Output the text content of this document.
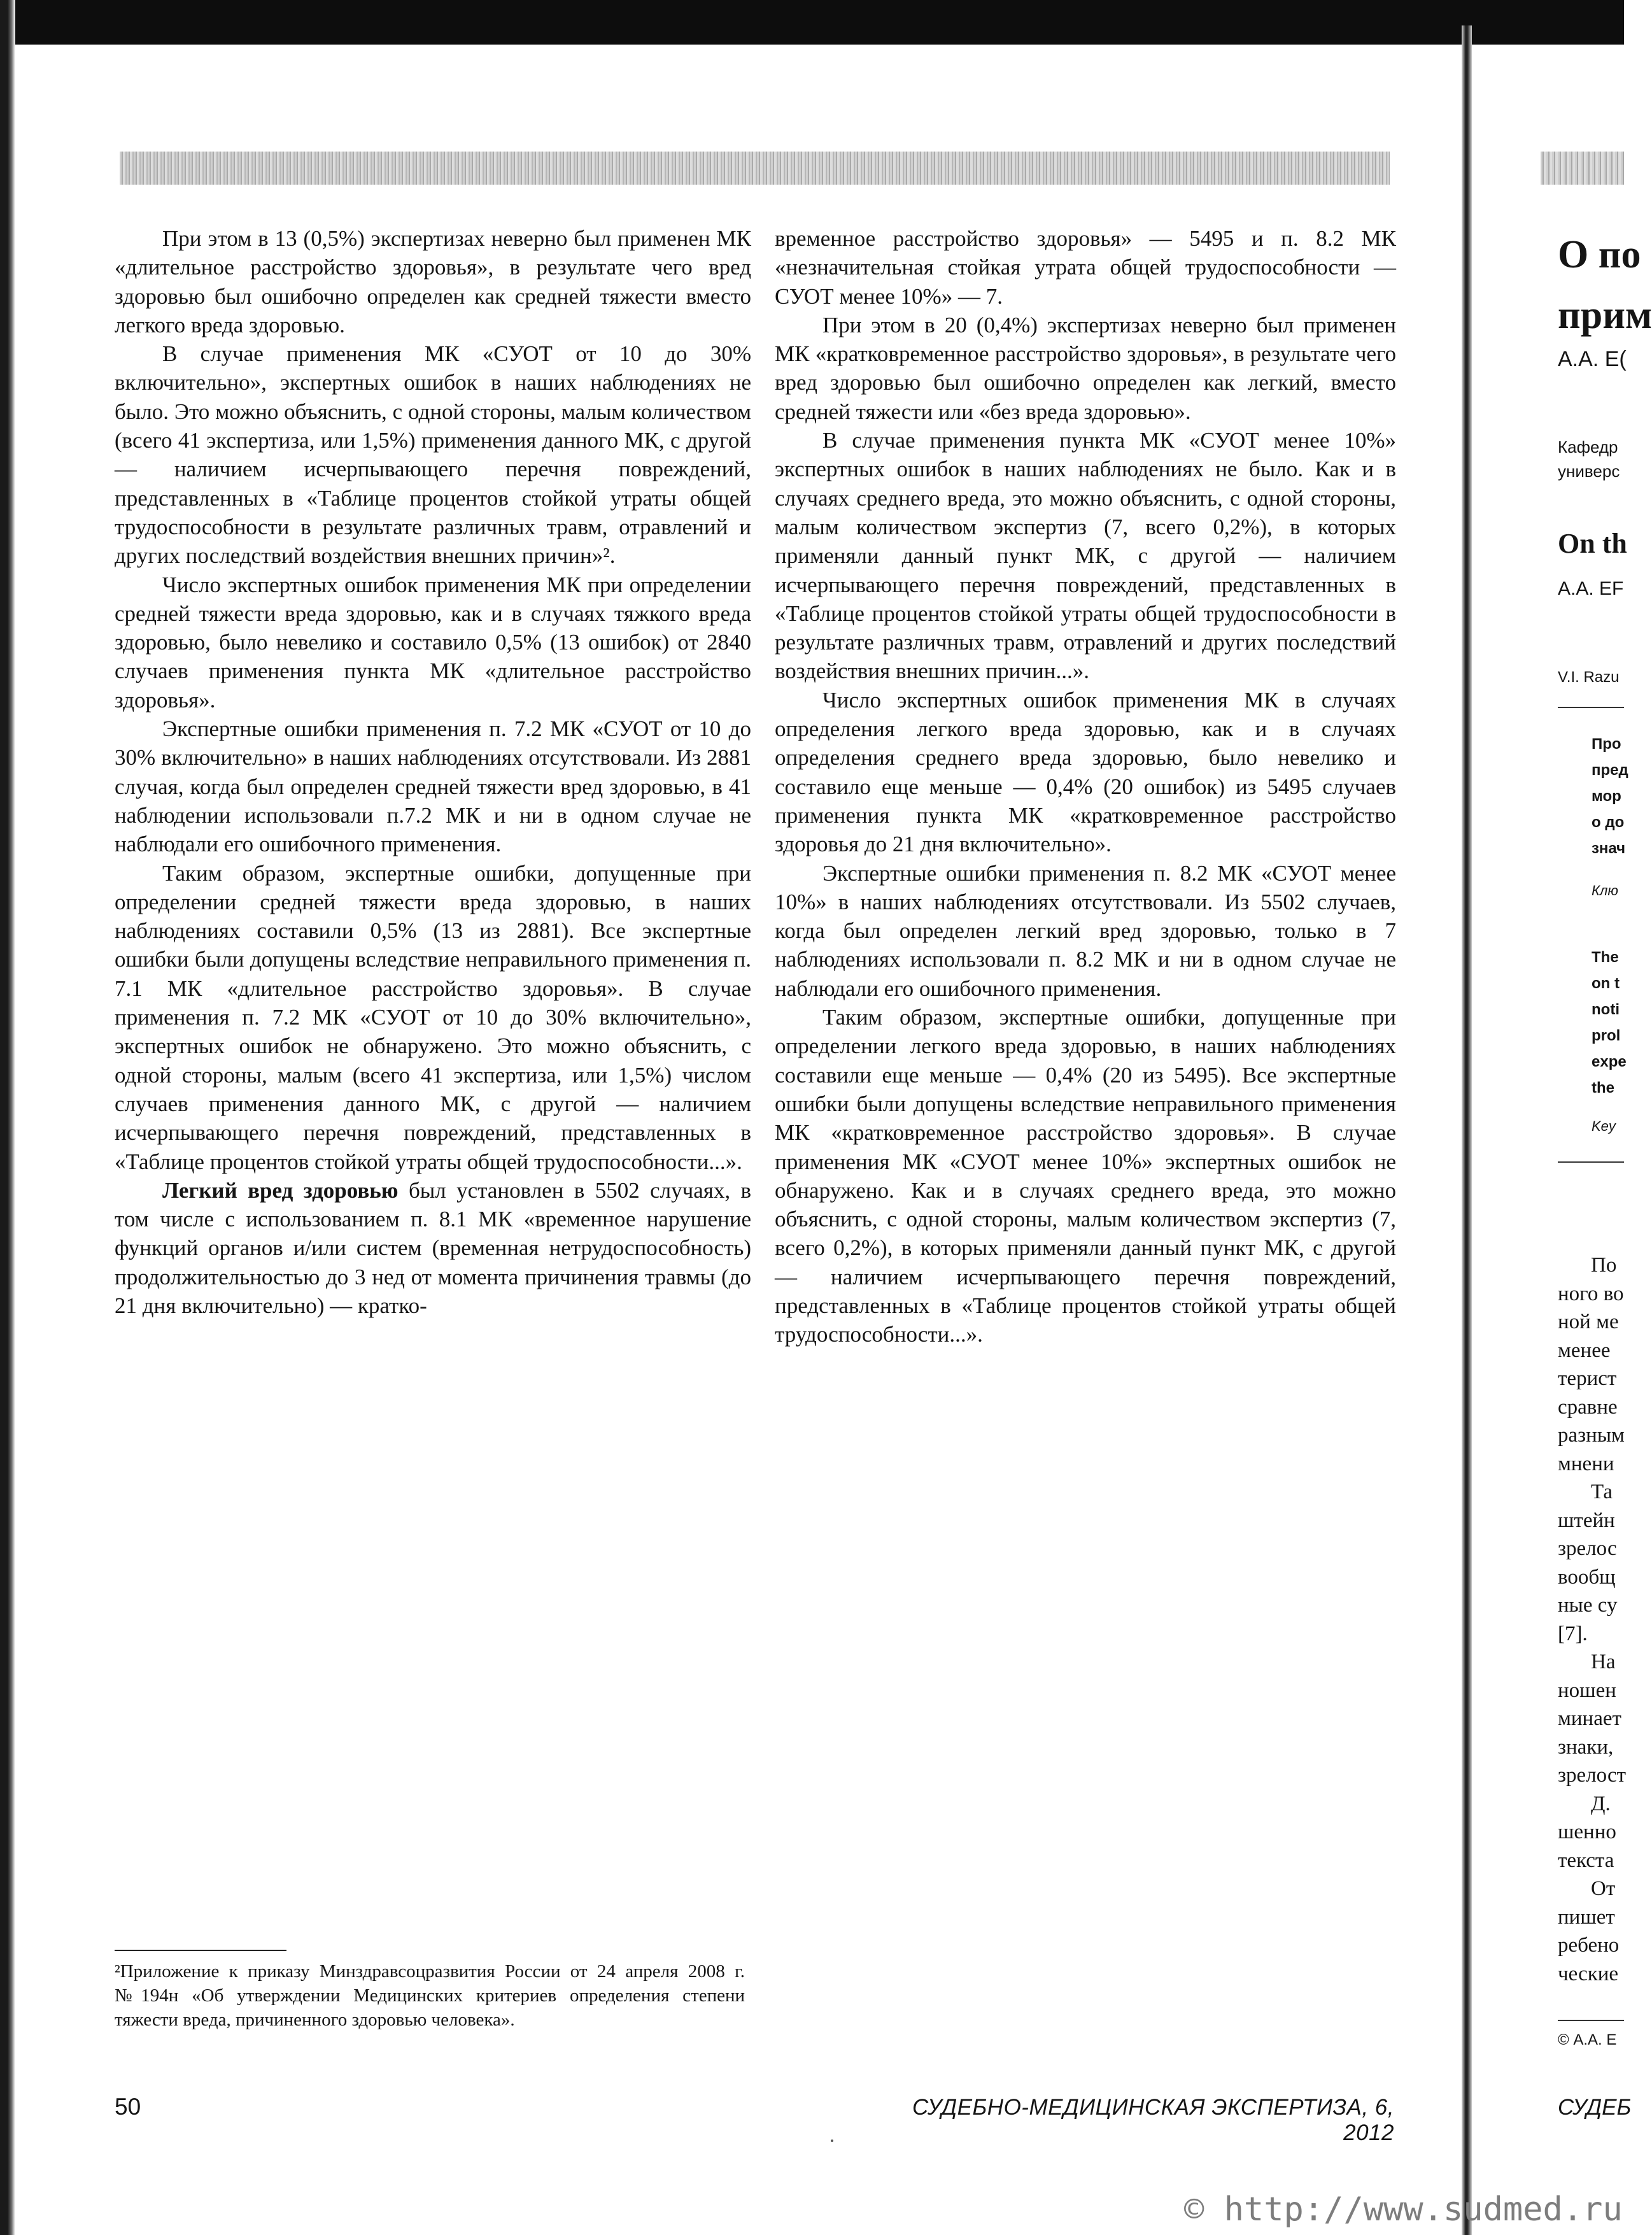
При этом в 13 (0,5%) экспертизах неверно был применен МК «длительное расстройство здоровья», в результате чего вред здоровью был ошибочно определен как средней тяжести вместо легкого вреда здоровью.

В случае применения МК «СУОТ от 10 до 30% включительно», экспертных ошибок в наших наблюдениях не было. Это можно объяснить, с одной стороны, малым количеством (всего 41 экспертиза, или 1,5%) применения данного МК, с другой — наличием исчерпывающего перечня повреждений, представленных в «Таблице процентов стойкой утраты общей трудоспособности в результате различных травм, отравлений и других последствий воздействия внешних причин»².

Число экспертных ошибок применения МК при определении средней тяжести вреда здоровью, как и в случаях тяжкого вреда здоровью, было невелико и составило 0,5% (13 ошибок) от 2840 случаев применения пункта МК «длительное расстройство здоровья».

Экспертные ошибки применения п. 7.2 МК «СУОТ от 10 до 30% включительно» в наших наблюдениях отсутствовали. Из 2881 случая, когда был определен средней тяжести вред здоровью, в 41 наблюдении использовали п.7.2 МК и ни в одном случае не наблюдали его ошибочного применения.

Таким образом, экспертные ошибки, допущенные при определении средней тяжести вреда здоровью, в наших наблюдениях составили 0,5% (13 из 2881). Все экспертные ошибки были допущены вследствие неправильного применения п. 7.1 МК «длительное расстройство здоровья». В случае применения п. 7.2 МК «СУОТ от 10 до 30% включительно», экспертных ошибок не обнаружено. Это можно объяснить, с одной стороны, малым (всего 41 экспертиза, или 1,5%) числом случаев применения данного МК, с другой — наличием исчерпывающего перечня повреждений, представленных в «Таблице процентов стойкой утраты общей трудоспособности...».

Легкий вред здоровью был установлен в 5502 случаях, в том числе с использованием п. 8.1 МК «временное нарушение функций органов и/или систем (временная нетрудоспособность) продолжительностью до 3 нед от момента причинения травмы (до 21 дня включительно) — кратко-

временное расстройство здоровья» — 5495 и п. 8.2 МК «незначительная стойкая утрата общей трудоспособности — СУОТ менее 10%» — 7.

При этом в 20 (0,4%) экспертизах неверно был применен МК «кратковременное расстройство здоровья», в результате чего вред здоровью был ошибочно определен как легкий, вместо средней тяжести или «без вреда здоровью».

В случае применения пункта МК «СУОТ менее 10%» экспертных ошибок в наших наблюдениях не было. Как и в случаях среднего вреда, это можно объяснить, с одной стороны, малым количеством экспертиз (7, всего 0,2%), в которых применяли данный пункт МК, с другой — наличием исчерпывающего перечня повреждений, представленных в «Таблице процентов стойкой утраты общей трудоспособности в результате различных травм, отравлений и других последствий воздействия внешних причин...».

Число экспертных ошибок применения МК в случаях определения легкого вреда здоровью, как и в случаях определения среднего вреда здоровью, было невелико и составило еще меньше — 0,4% (20 ошибок) из 5495 случаев применения пункта МК «кратковременное расстройство здоровья до 21 дня включительно».

Экспертные ошибки применения п. 8.2 МК «СУОТ менее 10%» в наших наблюдениях отсутствовали. Из 5502 случаев, когда был определен легкий вред здоровью, только в 7 наблюдениях использовали п. 8.2 МК и ни в одном случае не наблюдали его ошибочного применения.

Таким образом, экспертные ошибки, допущенные при определении легкого вреда здоровью, в наших наблюдениях составили еще меньше — 0,4% (20 из 5495). Все экспертные ошибки были допущены вследствие неправильного применения МК «кратковременное расстройство здоровья». В случае применения МК «СУОТ менее 10%» экспертных ошибок не обнаружено. Как и в случаях среднего вреда, это можно объяснить, с одной стороны, малым количеством экспертиз (7, всего 0,2%), в которых применяли данный пункт МК, с другой — наличием исчерпывающего перечня повреждений, представленных в «Таблице процентов стойкой утраты общей трудоспособности...».

²Приложение к приказу Минздравсоцразвития России от 24 апреля 2008 г. №194н «Об утверждении Медицинских критериев определения степени тяжести вреда, причиненного здоровью человека».

50	СУДЕБНО-МЕДИЦИНСКАЯ ЭКСПЕРТИЗА, 6, 2012
О по
прим
А.А. Е(
Кафедр
универс
On th
A.A. EF
V.I. Razu
Про
пред
мор
о до
знач
Клю
The
on t
noti
prol
expe
the
Key
По
ного во
ной ме
менее
терист
сравне
разным
мнени
Та
штейн
зрелос
вообщ
ные су
[7].
На
ношен
минает
знаки,
зрелост
Д.
шенно
текста
От
пишет
ребено
ческие
© А.А. Е
СУДЕБ
© http://www.sudmed.ru
